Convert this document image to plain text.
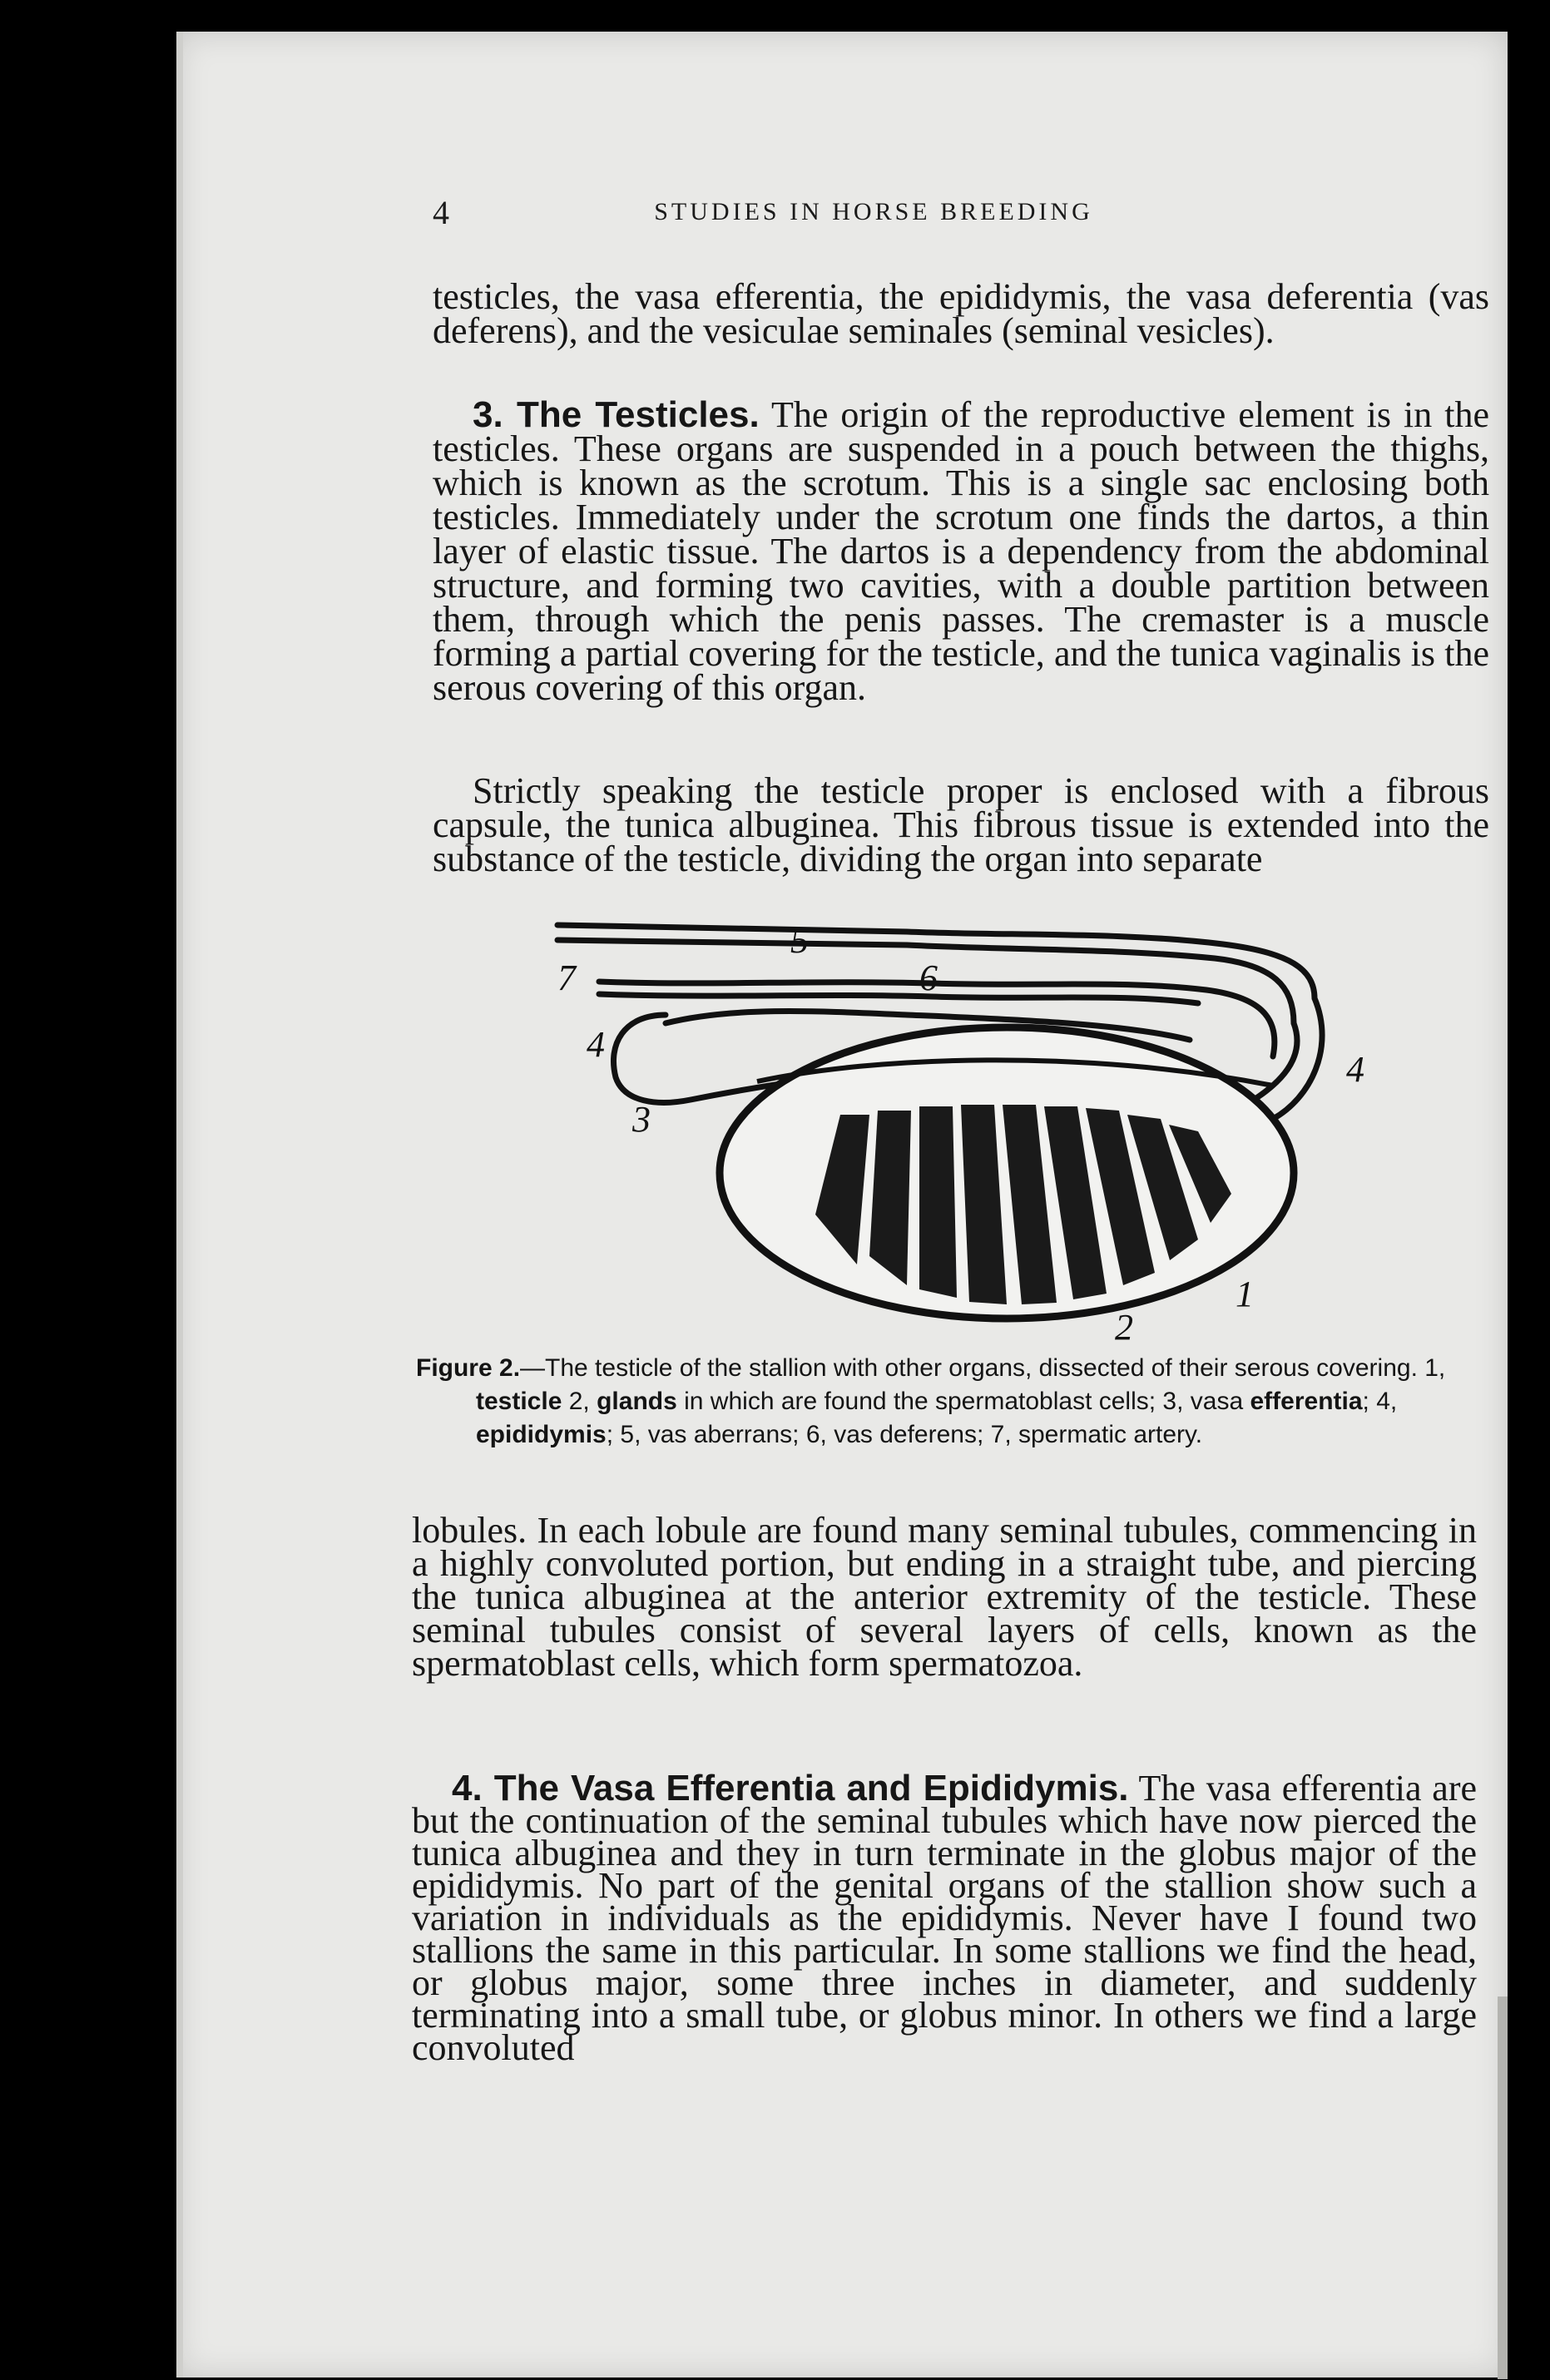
4	STUDIES IN HORSE BREEDING

testicles, the vasa efferentia, the epididymis, the vasa deferentia (vas deferens), and the vesiculae seminales (seminal vesicles).

3. The Testicles. The origin of the reproductive element is in the testicles. These organs are suspended in a pouch between the thighs, which is known as the scrotum. This is a single sac enclosing both testicles. Immediately under the scrotum one finds the dartos, a thin layer of elastic tissue. The dartos is a dependency from the abdominal structure, and forming two cavities, with a double partition between them, through which the penis passes. The cremaster is a muscle forming a partial covering for the testicle, and the tunica vaginalis is the serous covering of this organ.

Strictly speaking the testicle proper is enclosed with a fibrous capsule, the tunica albuginea. This fibrous tissue is extended into the substance of the testicle, dividing the organ into separate

5
7	6
4
4
3
1
2

Figure 2.—The testicle of the stallion with other organs, dissected of their serous covering. 1, testicle 2, glands in which are found the spermatoblast cells; 3, vasa efferentia; 4, epididymis; 5, vas aberrans; 6, vas deferens; 7, spermatic artery.

lobules. In each lobule are found many seminal tubules, commencing in a highly convoluted portion, but ending in a straight tube, and piercing the tunica albuginea at the anterior extremity of the testicle. These seminal tubules consist of several layers of cells, known as the spermatoblast cells, which form spermatozoa.

4. The Vasa Efferentia and Epididymis. The vasa efferentia are but the continuation of the seminal tubules which have now pierced the tunica albuginea and they in turn terminate in the globus major of the epididymis. No part of the genital organs of the stallion show such a variation in individuals as the epididymis. Never have I found two stallions the same in this particular. In some stallions we find the head, or globus major, some three inches in diameter, and suddenly terminating into a small tube, or globus minor. In others we find a large convoluted
